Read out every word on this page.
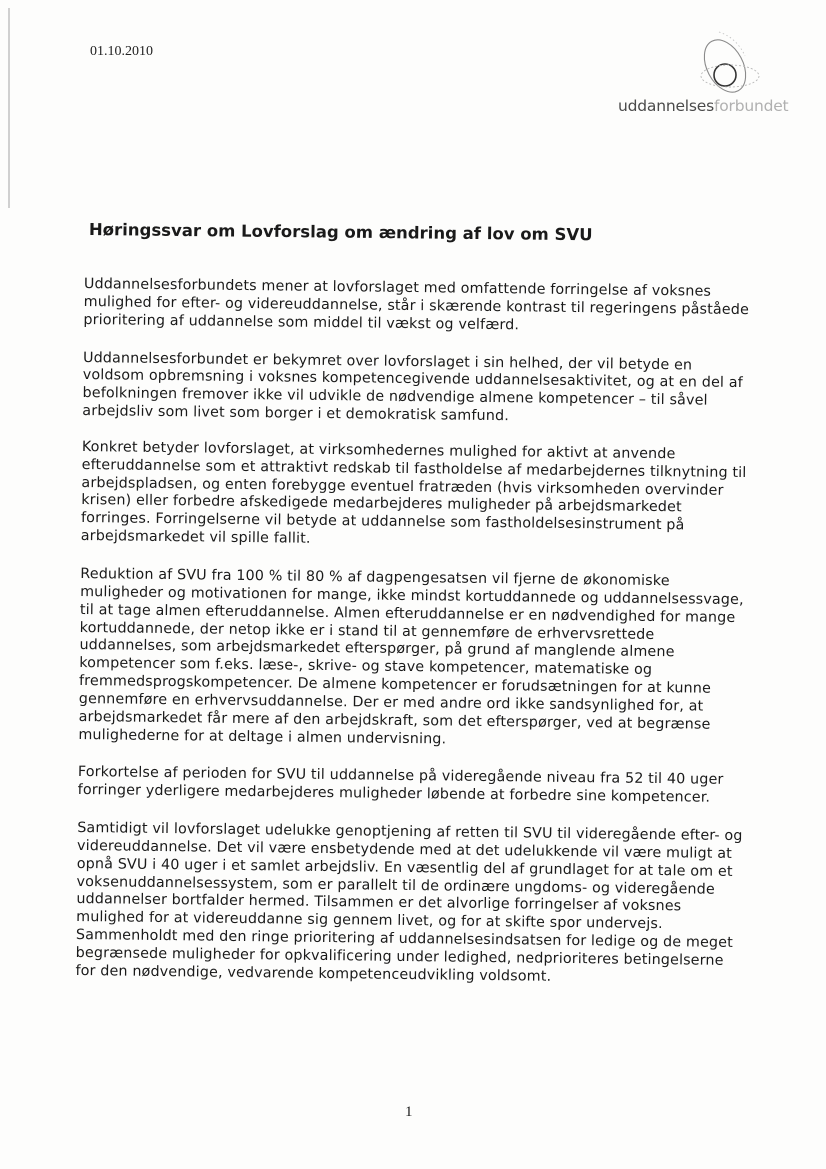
01.10.2010
uddannelsesforbundet
Høringssvar om Lovforslag om ændring af lov om SVU

Uddannelsesforbundets mener at lovforslaget med omfattende forringelse af voksnes mulighed for efter- og videreuddannelse, står i skærende kontrast til regeringens påståede prioritering af uddannelse som middel til vækst og velfærd.

Uddannelsesforbundet er bekymret over lovforslaget i sin helhed, der vil betyde en voldsom opbremsning i voksnes kompetencegivende uddannelsesaktivitet, og at en del af befolkningen fremover ikke vil udvikle de nødvendige almene kompetencer – til såvel arbejdsliv som livet som borger i et demokratisk samfund.

Konkret betyder lovforslaget, at virksomhedernes mulighed for aktivt at anvende efteruddannelse som et attraktivt redskab til fastholdelse af medarbejdernes tilknytning til arbejdspladsen, og enten forebygge eventuel fratræden (hvis virksomheden overvinder krisen) eller forbedre afskedigede medarbejderes muligheder på arbejdsmarkedet forringes. Forringelserne vil betyde at uddannelse som fastholdelsesinstrument på arbejdsmarkedet vil spille fallit.

Reduktion af SVU fra 100 % til 80 % af dagpengesatsen vil fjerne de økonomiske muligheder og motivationen for mange, ikke mindst kortuddannede og uddannelsessvage, til at tage almen efteruddannelse. Almen efteruddannelse er en nødvendighed for mange kortuddannede, der netop ikke er i stand til at gennemføre de erhvervsrettede uddannelses, som arbejdsmarkedet efterspørger, på grund af manglende almene kompetencer som f.eks. læse-, skrive- og stave kompetencer, matematiske og fremmedsprogskompetencer. De almene kompetencer er forudsætningen for at kunne gennemføre en erhvervsuddannelse. Der er med andre ord ikke sandsynlighed for, at arbejdsmarkedet får mere af den arbejdskraft, som det efterspørger, ved at begrænse mulighederne for at deltage i almen undervisning.

Forkortelse af perioden for SVU til uddannelse på videregående niveau fra 52 til 40 uger forringer yderligere medarbejderes muligheder løbende at forbedre sine kompetencer.

Samtidigt vil lovforslaget udelukke genoptjening af retten til SVU til videregående efter- og videreuddannelse. Det vil være ensbetydende med at det udelukkende vil være muligt at opnå SVU i 40 uger i et samlet arbejdsliv. En væsentlig del af grundlaget for at tale om et voksenuddannelsessystem, som er parallelt til de ordinære ungdoms- og videregående uddannelser bortfalder hermed. Tilsammen er det alvorlige forringelser af voksnes mulighed for at videreuddanne sig gennem livet, og for at skifte spor undervejs. Sammenholdt med den ringe prioritering af uddannelsesindsatsen for ledige og de meget begrænsede muligheder for opkvalificering under ledighed, nedprioriteres betingelserne for den nødvendige, vedvarende kompetenceudvikling voldsomt.

1
